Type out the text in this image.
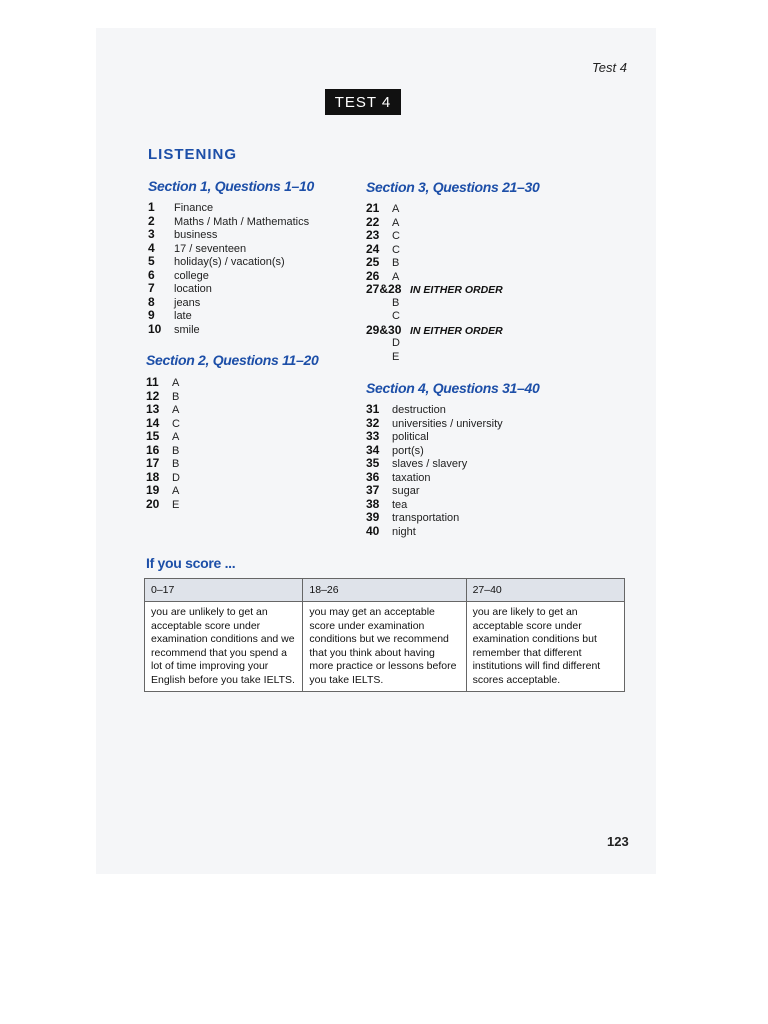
Test 4
TEST 4
LISTENING
Section 1, Questions 1–10
1 Finance
2 Maths / Math / Mathematics
3 business
4 17 / seventeen
5 holiday(s) / vacation(s)
6 college
7 location
8 jeans
9 late
10 smile
Section 2, Questions 11–20
11 A
12 B
13 A
14 C
15 A
16 B
17 B
18 D
19 A
20 E
Section 3, Questions 21–30
21 A
22 A
23 C
24 C
25 B
26 A
27&28 IN EITHER ORDER
B
C
29&30 IN EITHER ORDER
D
E
Section 4, Questions 31–40
31 destruction
32 universities / university
33 political
34 port(s)
35 slaves / slavery
36 taxation
37 sugar
38 tea
39 transportation
40 night
If you score ...
0–17	18–26	27–40
you are unlikely to get an acceptable score under examination conditions and we recommend that you spend a lot of time improving your English before you take IELTS.	you may get an acceptable score under examination conditions but we recommend that you think about having more practice or lessons before you take IELTS.	you are likely to get an acceptable score under examination conditions but remember that different institutions will find different scores acceptable.
123
